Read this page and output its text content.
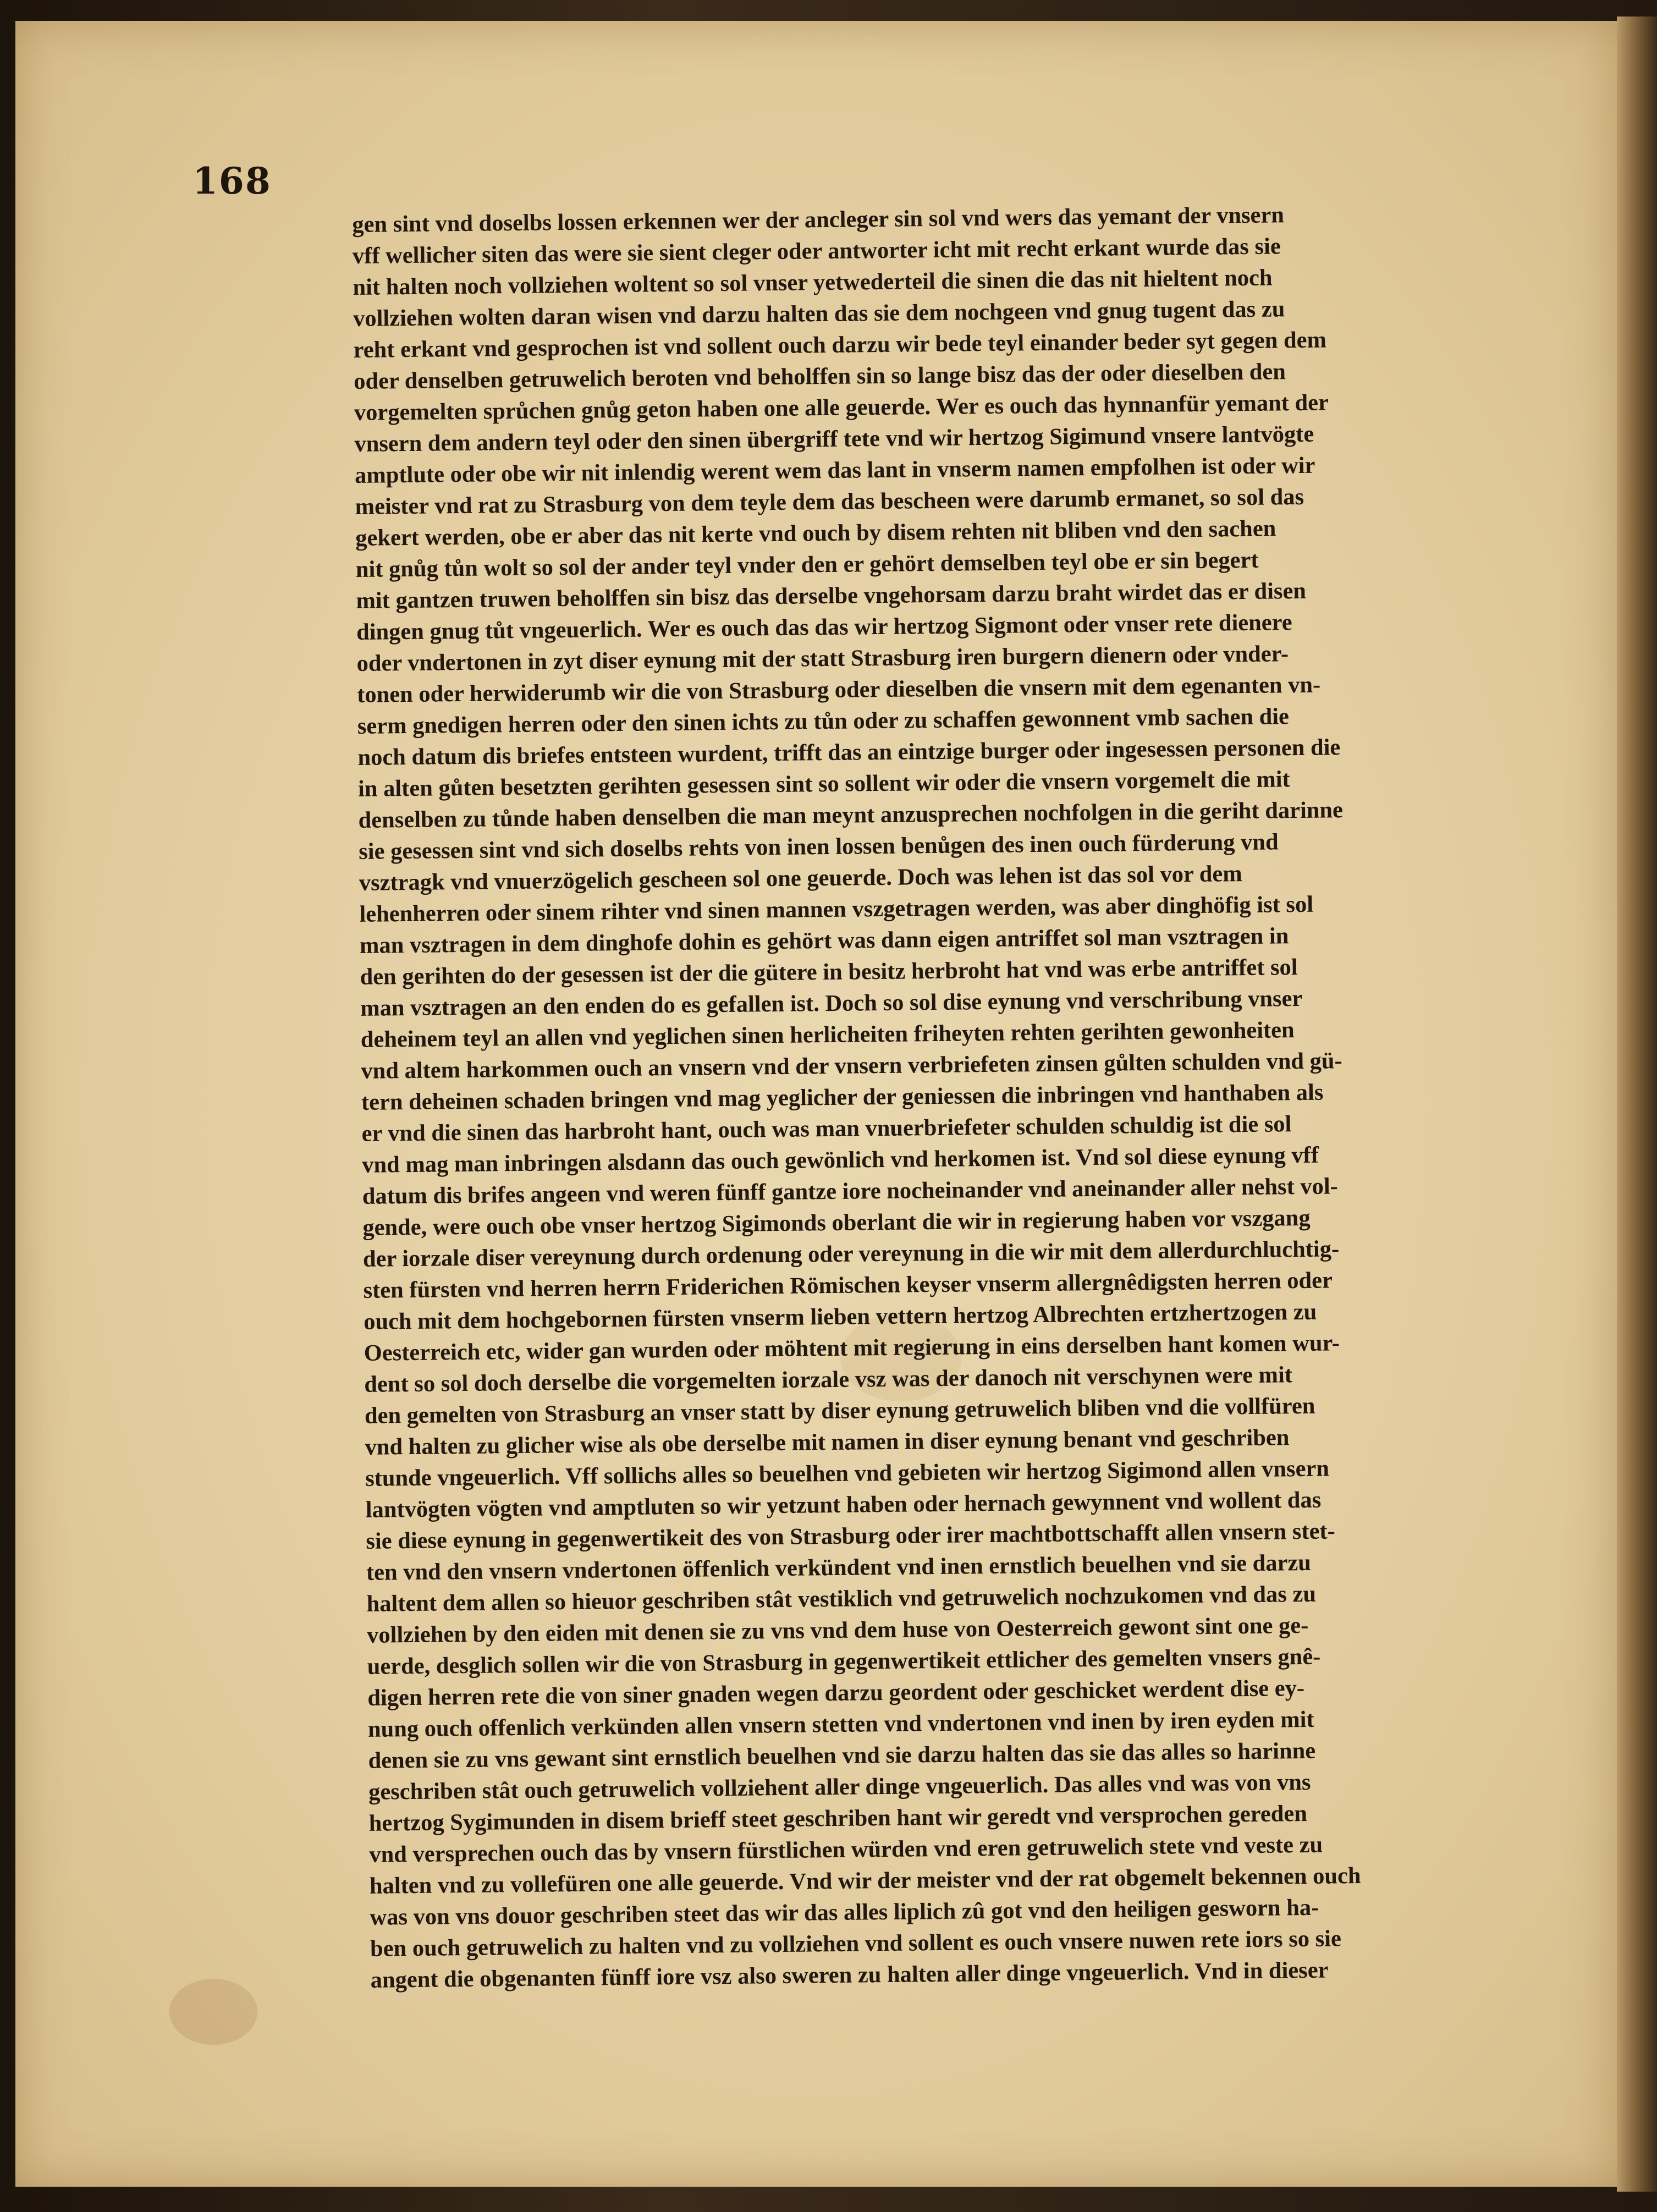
168
gen sint vnd doselbs lossen erkennen wer der ancleger sin sol vnd wers das yemant der vnsern
vff wellicher siten das were sie sient cleger oder antworter icht mit recht erkant wurde das sie
nit halten noch vollziehen woltent so sol vnser yetwederteil die sinen die das nit hieltent noch
vollziehen wolten daran wisen vnd darzu halten das sie dem nochgeen vnd gnug tugent das zu
reht erkant vnd gesprochen ist vnd sollent ouch darzu wir bede teyl einander beder syt gegen dem
oder denselben getruwelich beroten vnd beholffen sin so lange bisz das der oder dieselben den
vorgemelten sprůchen gnůg geton haben one alle geuerde. Wer es ouch das hynnanfür yemant der
vnsern dem andern teyl oder den sinen übergriff tete vnd wir hertzog Sigimund vnsere lantvögte
amptlute oder obe wir nit inlendig werent wem das lant in vnserm namen empfolhen ist oder wir
meister vnd rat zu Strasburg von dem teyle dem das bescheen were darumb ermanet, so sol das
gekert werden, obe er aber das nit kerte vnd ouch by disem rehten nit bliben vnd den sachen
nit gnůg tůn wolt so sol der ander teyl vnder den er gehört demselben teyl obe er sin begert
mit gantzen truwen beholffen sin bisz das derselbe vngehorsam darzu braht wirdet das er disen
dingen gnug tůt vngeuerlich. Wer es ouch das das wir hertzog Sigmont oder vnser rete dienere
oder vndertonen in zyt diser eynung mit der statt Strasburg iren burgern dienern oder vnder-
tonen oder herwiderumb wir die von Strasburg oder dieselben die vnsern mit dem egenanten vn-
serm gnedigen herren oder den sinen ichts zu tůn oder zu schaffen gewonnent vmb sachen die
noch datum dis briefes entsteen wurdent, trifft das an eintzige burger oder ingesessen personen die
in alten gůten besetzten gerihten gesessen sint so sollent wir oder die vnsern vorgemelt die mit
denselben zu tůnde haben denselben die man meynt anzusprechen nochfolgen in die geriht darinne
sie gesessen sint vnd sich doselbs rehts von inen lossen benůgen des inen ouch fürderung vnd
vsztragk vnd vnuerzögelich gescheen sol one geuerde. Doch was lehen ist das sol vor dem
lehenherren oder sinem rihter vnd sinen mannen vszgetragen werden, was aber dinghöfig ist sol
man vsztragen in dem dinghofe dohin es gehört was dann eigen antriffet sol man vsztragen in
den gerihten do der gesessen ist der die gütere in besitz herbroht hat vnd was erbe antriffet sol
man vsztragen an den enden do es gefallen ist. Doch so sol dise eynung vnd verschribung vnser
deheinem teyl an allen vnd yeglichen sinen herlicheiten friheyten rehten gerihten gewonheiten
vnd altem harkommen ouch an vnsern vnd der vnsern verbriefeten zinsen gůlten schulden vnd gü-
tern deheinen schaden bringen vnd mag yeglicher der geniessen die inbringen vnd hanthaben als
er vnd die sinen das harbroht hant, ouch was man vnuerbriefeter schulden schuldig ist die sol
vnd mag man inbringen alsdann das ouch gewönlich vnd herkomen ist. Vnd sol diese eynung vff
datum dis brifes angeen vnd weren fünff gantze iore nocheinander vnd aneinander aller nehst vol-
gende, were ouch obe vnser hertzog Sigimonds oberlant die wir in regierung haben vor vszgang
der iorzale diser vereynung durch ordenung oder vereynung in die wir mit dem allerdurchluchtig-
sten fürsten vnd herren herrn Friderichen Römischen keyser vnserm allergnêdigsten herren oder
ouch mit dem hochgebornen fürsten vnserm lieben vettern hertzog Albrechten ertzhertzogen zu
Oesterreich etc, wider gan wurden oder möhtent mit regierung in eins derselben hant komen wur-
dent so sol doch derselbe die vorgemelten iorzale vsz was der danoch nit verschynen were mit
den gemelten von Strasburg an vnser statt by diser eynung getruwelich bliben vnd die vollfüren
vnd halten zu glicher wise als obe derselbe mit namen in diser eynung benant vnd geschriben
stunde vngeuerlich. Vff sollichs alles so beuelhen vnd gebieten wir hertzog Sigimond allen vnsern
lantvögten vögten vnd amptluten so wir yetzunt haben oder hernach gewynnent vnd wollent das
sie diese eynung in gegenwertikeit des von Strasburg oder irer machtbottschafft allen vnsern stet-
ten vnd den vnsern vndertonen öffenlich verkündent vnd inen ernstlich beuelhen vnd sie darzu
haltent dem allen so hieuor geschriben stât vestiklich vnd getruwelich nochzukomen vnd das zu
vollziehen by den eiden mit denen sie zu vns vnd dem huse von Oesterreich gewont sint one ge-
uerde, desglich sollen wir die von Strasburg in gegenwertikeit ettlicher des gemelten vnsers gnê-
digen herren rete die von siner gnaden wegen darzu geordent oder geschicket werdent dise ey-
nung ouch offenlich verkünden allen vnsern stetten vnd vndertonen vnd inen by iren eyden mit
denen sie zu vns gewant sint ernstlich beuelhen vnd sie darzu halten das sie das alles so harinne
geschriben stât ouch getruwelich vollziehent aller dinge vngeuerlich. Das alles vnd was von vns
hertzog Sygimunden in disem brieff steet geschriben hant wir geredt vnd versprochen gereden
vnd versprechen ouch das by vnsern fürstlichen würden vnd eren getruwelich stete vnd veste zu
halten vnd zu vollefüren one alle geuerde. Vnd wir der meister vnd der rat obgemelt bekennen ouch
was von vns douor geschriben steet das wir das alles liplich zû got vnd den heiligen gesworn ha-
ben ouch getruwelich zu halten vnd zu vollziehen vnd sollent es ouch vnsere nuwen rete iors so sie
angent die obgenanten fünff iore vsz also sweren zu halten aller dinge vngeuerlich. Vnd in dieser
